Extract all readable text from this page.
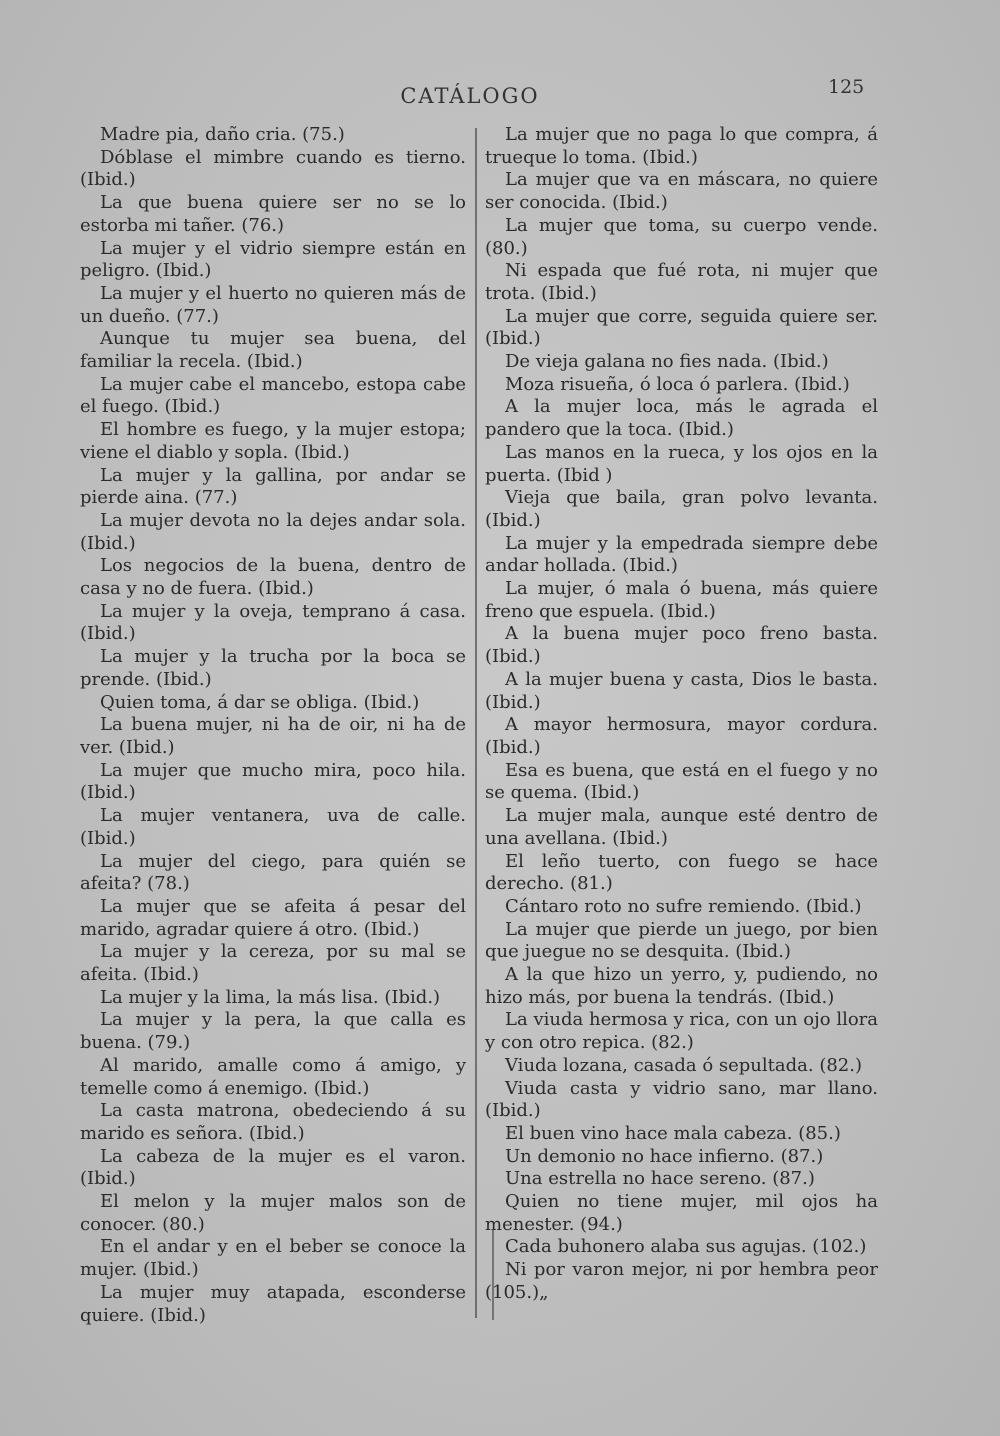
CATÁLOGO	125

Madre pia, daño cria. (75.)

Dóblase el mimbre cuando es tierno. (Ibid.)

La que buena quiere ser no se lo estorba mi tañer. (76.)

La mujer y el vidrio siempre están en peligro. (Ibid.)

La mujer y el huerto no quieren más de un dueño. (77.)

Aunque tu mujer sea buena, del familiar la recela. (Ibid.)

La mujer cabe el mancebo, estopa cabe el fuego. (Ibid.)

El hombre es fuego, y la mujer estopa; viene el diablo y sopla. (Ibid.)

La mujer y la gallina, por andar se pierde aina. (77.)

La mujer devota no la dejes andar sola. (Ibid.)

Los negocios de la buena, dentro de casa y no de fuera. (Ibid.)

La mujer y la oveja, temprano á casa. (Ibid.)

La mujer y la trucha por la boca se prende. (Ibid.)

Quien toma, á dar se obliga. (Ibid.)

La buena mujer, ni ha de oir, ni ha de ver. (Ibid.)

La mujer que mucho mira, poco hila. (Ibid.)

La mujer ventanera, uva de calle. (Ibid.)

La mujer del ciego, para quién se afeita? (78.)

La mujer que se afeita á pesar del marido, agradar quiere á otro. (Ibid.)

La mujer y la cereza, por su mal se afeita. (Ibid.)

La mujer y la lima, la más lisa. (Ibid.)

La mujer y la pera, la que calla es buena. (79.)

Al marido, amalle como á amigo, y temelle como á enemigo. (Ibid.)

La casta matrona, obedeciendo á su marido es señora. (Ibid.)

La cabeza de la mujer es el varon. (Ibid.)

El melon y la mujer malos son de conocer. (80.)

En el andar y en el beber se conoce la mujer. (Ibid.)

La mujer muy atapada, esconderse quiere. (Ibid.)

La mujer que no paga lo que compra, á trueque lo toma. (Ibid.)

La mujer que va en máscara, no quiere ser conocida. (Ibid.)

La mujer que toma, su cuerpo vende. (80.)

Ni espada que fué rota, ni mujer que trota. (Ibid.)

La mujer que corre, seguida quiere ser. (Ibid.)

De vieja galana no fies nada. (Ibid.)

Moza risueña, ó loca ó parlera. (Ibid.)

A la mujer loca, más le agrada el pandero que la toca. (Ibid.)

Las manos en la rueca, y los ojos en la puerta. (Ibid )

Vieja que baila, gran polvo levanta. (Ibid.)

La mujer y la empedrada siempre debe andar hollada. (Ibid.)

La mujer, ó mala ó buena, más quiere freno que espuela. (Ibid.)

A la buena mujer poco freno basta. (Ibid.)

A la mujer buena y casta, Dios le basta. (Ibid.)

A mayor hermosura, mayor cordura. (Ibid.)

Esa es buena, que está en el fuego y no se quema. (Ibid.)

La mujer mala, aunque esté dentro de una avellana. (Ibid.)

El leño tuerto, con fuego se hace derecho. (81.)

Cántaro roto no sufre remiendo. (Ibid.)

La mujer que pierde un juego, por bien que juegue no se desquita. (Ibid.)

A la que hizo un yerro, y, pudiendo, no hizo más, por buena la tendrás. (Ibid.)

La viuda hermosa y rica, con un ojo llora y con otro repica. (82.)

Viuda lozana, casada ó sepultada. (82.)

Viuda casta y vidrio sano, mar llano. (Ibid.)

El buen vino hace mala cabeza. (85.)

Un demonio no hace infierno. (87.)

Una estrella no hace sereno. (87.)

Quien no tiene mujer, mil ojos ha menester. (94.)

Cada buhonero alaba sus agujas. (102.)

Ni por varon mejor, ni por hembra peor (105.)„
